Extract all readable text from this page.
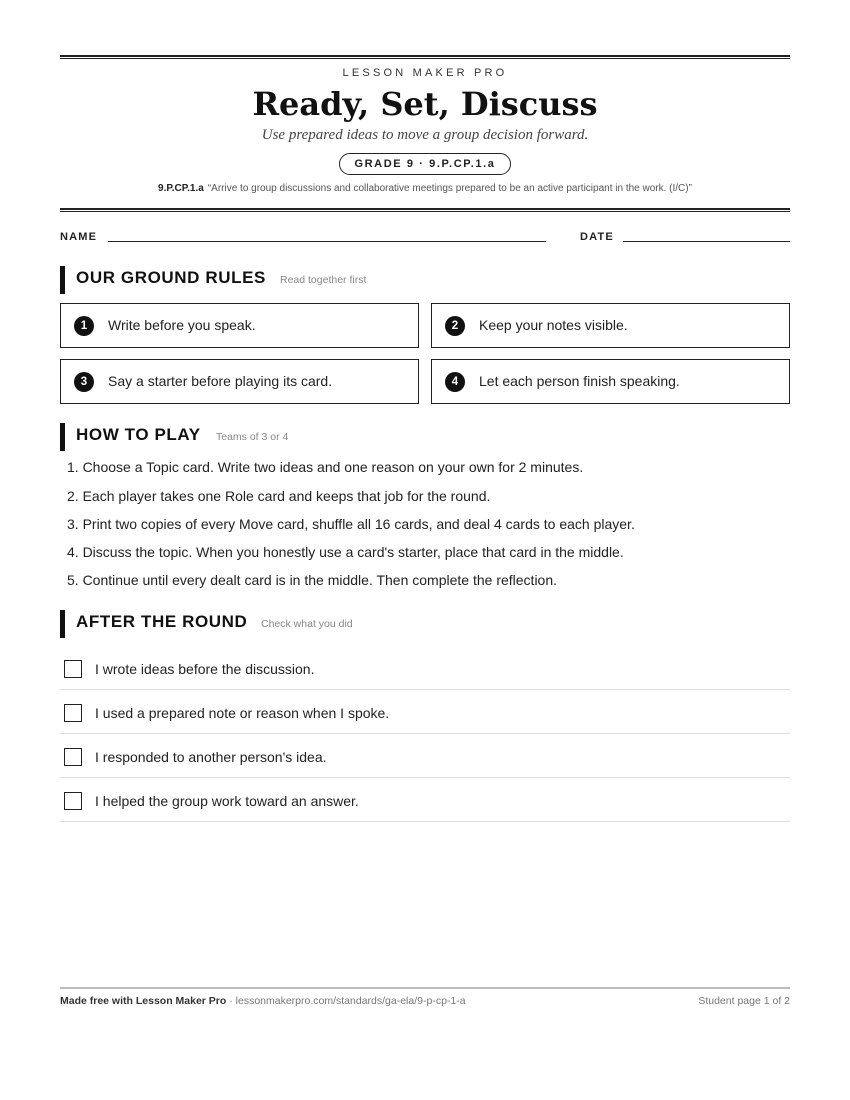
LESSON MAKER PRO
Ready, Set, Discuss
Use prepared ideas to move a group decision forward.
GRADE 9 · 9.P.CP.1.a
9.P.CP.1.a “Arrive to group discussions and collaborative meetings prepared to be an active participant in the work. (I/C)”
NAME	DATE
OUR GROUND RULES Read together first
1	Write before you speak.	2	Keep your notes visible.
3	Say a starter before playing its card.	4	Let each person finish speaking.
HOW TO PLAY Teams of 3 or 4
1. Choose a Topic card. Write two ideas and one reason on your own for 2 minutes.
2. Each player takes one Role card and keeps that job for the round.
3. Print two copies of every Move card, shuffle all 16 cards, and deal 4 cards to each player.
4. Discuss the topic. When you honestly use a card's starter, place that card in the middle.
5. Continue until every dealt card is in the middle. Then complete the reflection.
AFTER THE ROUND Check what you did
I wrote ideas before the discussion.
I used a prepared note or reason when I spoke.
I responded to another person's idea.
I helped the group work toward an answer.
Made free with Lesson Maker Pro · lessonmakerpro.com/standards/ga-ela/9-p-cp-1-a	Student page 1 of 2
